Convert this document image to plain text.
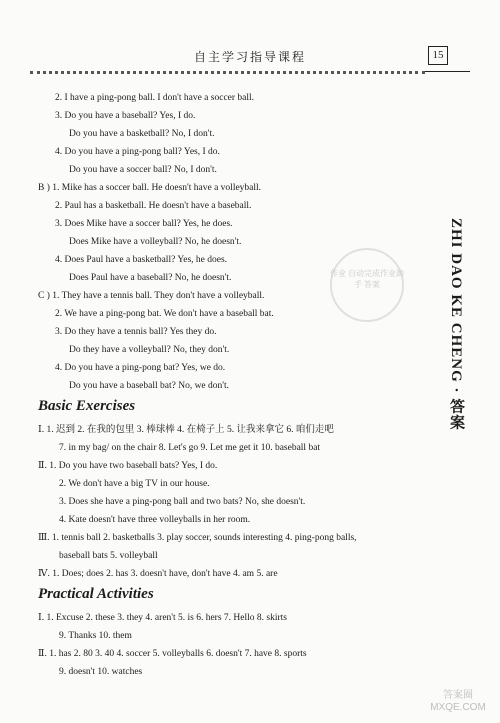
自主学习指导课程	15
2. I have a ping-pong ball. I don't have a soccer ball.
3. Do you have a baseball? Yes, I do.
Do you have a basketball? No, I don't.
4. Do you have a ping-pong ball? Yes, I do.
Do you have a soccer ball? No, I don't.
B ) 1. Mike has a soccer ball. He doesn't have a volleyball.
2. Paul has a basketball. He doesn't have a baseball.
3. Does Mike have a soccer ball? Yes, he does.
Does Mike have a volleyball? No, he doesn't.
4. Does Paul have a basketball? Yes, he does.
Does Paul have a baseball? No, he doesn't.
C ) 1. They have a tennis ball. They don't have a volleyball.
2. We have a ping-pong bat. We don't have a baseball bat.
3. Do they have a tennis ball? Yes they do.
Do they have a volleyball? No, they don't.
4. Do you have a ping-pong bat? Yes, we do.
Do you have a baseball bat? No, we don't.
Ⅰ. 1. 迟到 2. 在我的包里 3. 棒球棒 4. 在椅子上 5. 让我来拿它 6. 咱们走吧
7. in my bag/ on the chair 8. Let's go 9. Let me get it 10. baseball bat
Ⅱ. 1. Do you have two baseball bats? Yes, I do.
2. We don't have a big TV in our house.
3. Does she have a ping-pong ball and two bats? No, she doesn't.
4. Kate doesn't have three volleyballs in her room.
Ⅲ. 1. tennis ball 2. basketballs 3. play soccer, sounds interesting 4. ping-pong balls,
baseball bats 5. volleyball
Ⅳ. 1. Does; does 2. has 3. doesn't have, don't have 4. am 5. are
Ⅰ. 1. Excuse 2. these 3. they 4. aren't 5. is 6. hers 7. Hello 8. skirts
9. Thanks 10. them
Ⅱ. 1. has 2. 80 3. 40 4. soccer 5. volleyballs 6. doesn't 7. have 8. sports
9. doesn't 10. watches
Basic Exercises
Practical Activities
作业 自动完成作业助手 答案	ZHI DAO KE CHENG · 答案
答案圈 MXQE.COM
